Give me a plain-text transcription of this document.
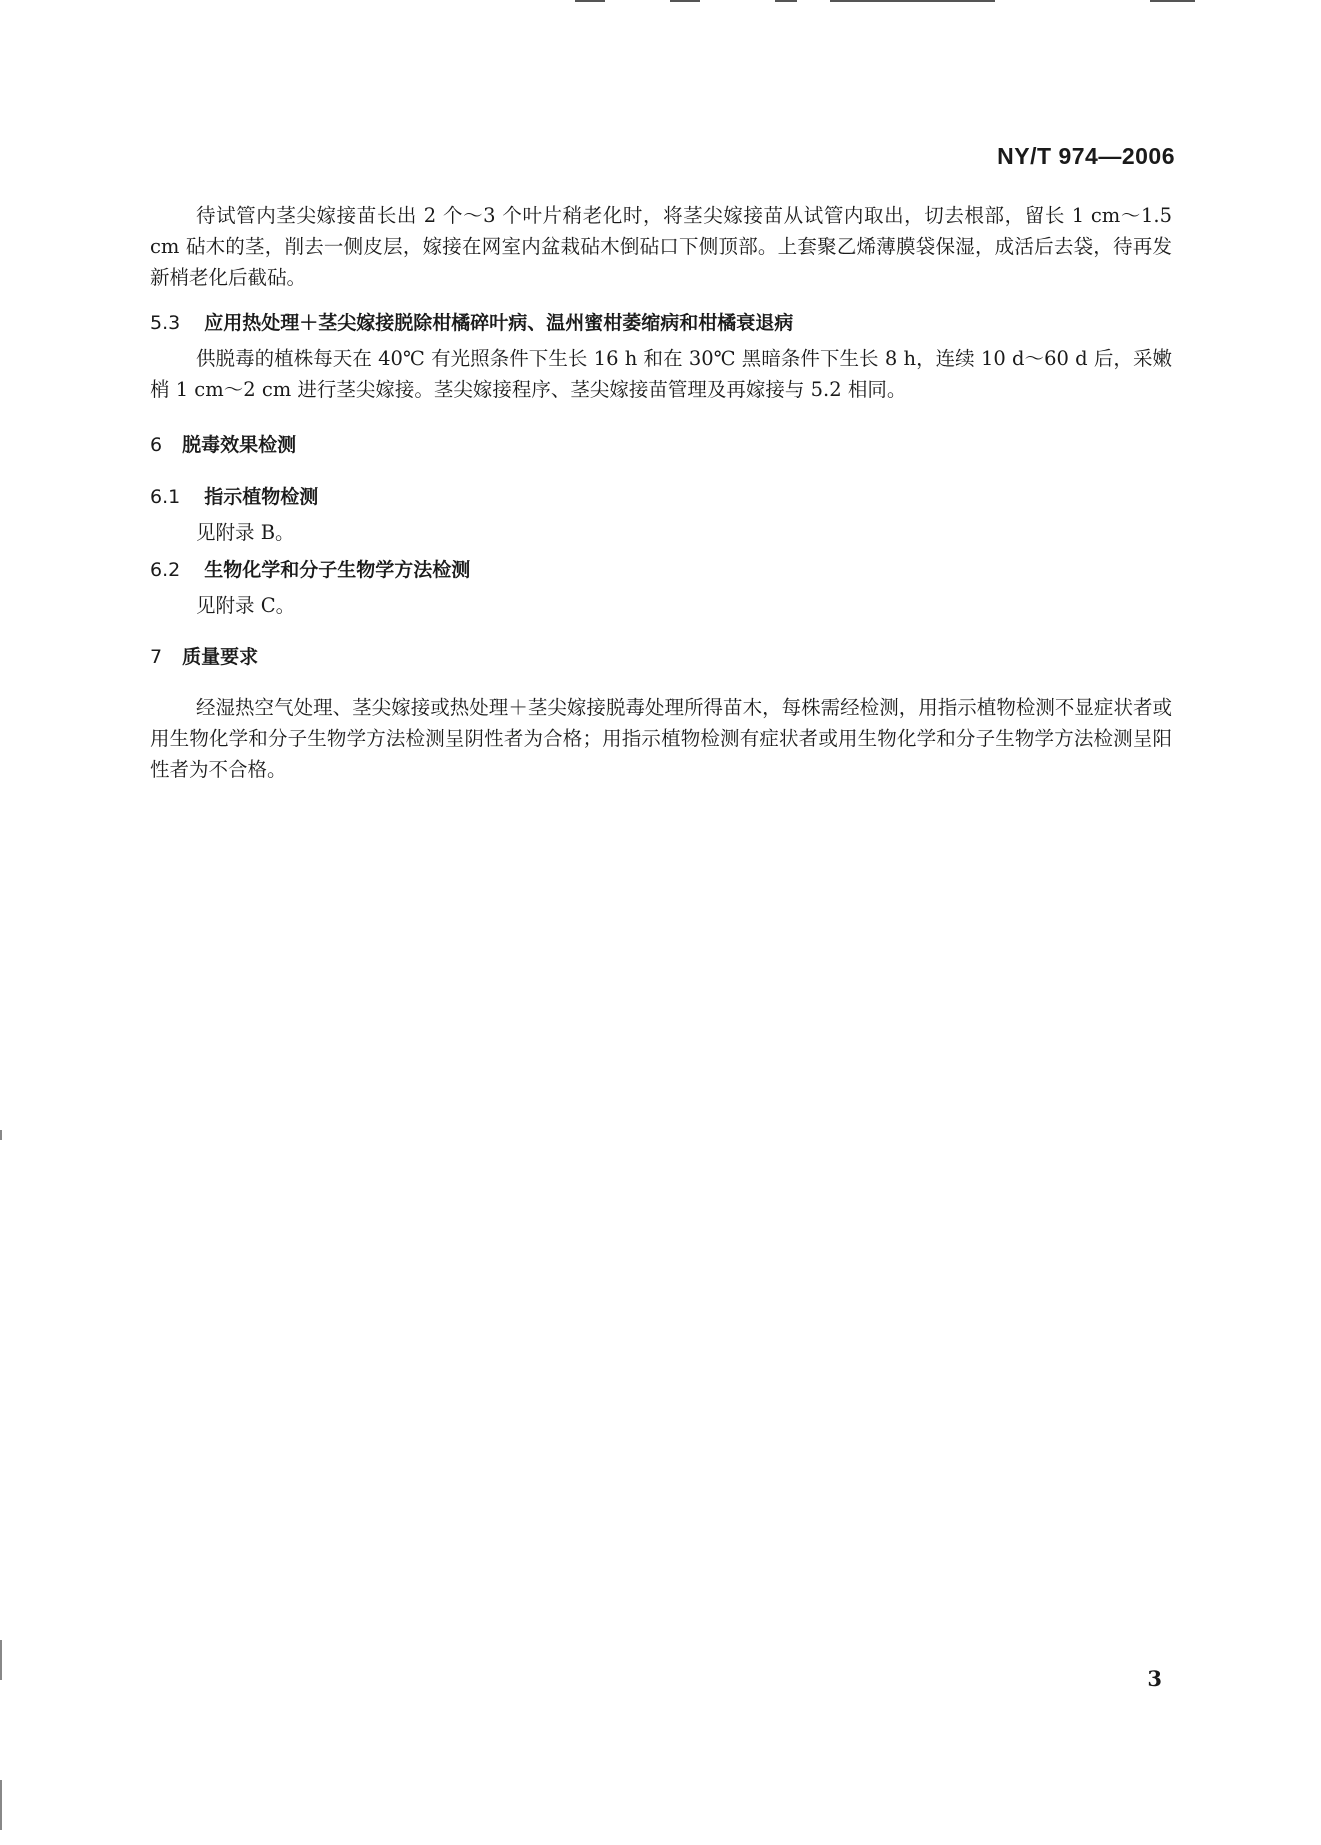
NY/T 974—2006

待试管内茎尖嫁接苗长出 2 个～3 个叶片稍老化时，将茎尖嫁接苗从试管内取出，切去根部，留长 1 cm～1.5 cm 砧木的茎，削去一侧皮层，嫁接在网室内盆栽砧木倒砧口下侧顶部。上套聚乙烯薄膜袋保湿，成活后去袋，待再发新梢老化后截砧。

5.3 应用热处理＋茎尖嫁接脱除柑橘碎叶病、温州蜜柑萎缩病和柑橘衰退病

供脱毒的植株每天在 40℃ 有光照条件下生长 16 h 和在 30℃ 黑暗条件下生长 8 h，连续 10 d～60 d 后，采嫩梢 1 cm～2 cm 进行茎尖嫁接。茎尖嫁接程序、茎尖嫁接苗管理及再嫁接与 5.2 相同。

6 脱毒效果检测
6.1 指示植物检测

见附录 B。

6.2 生物化学和分子生物学方法检测

见附录 C。

7 质量要求

经湿热空气处理、茎尖嫁接或热处理＋茎尖嫁接脱毒处理所得苗木，每株需经检测，用指示植物检测不显症状者或用生物化学和分子生物学方法检测呈阴性者为合格；用指示植物检测有症状者或用生物化学和分子生物学方法检测呈阳性者为不合格。

3
